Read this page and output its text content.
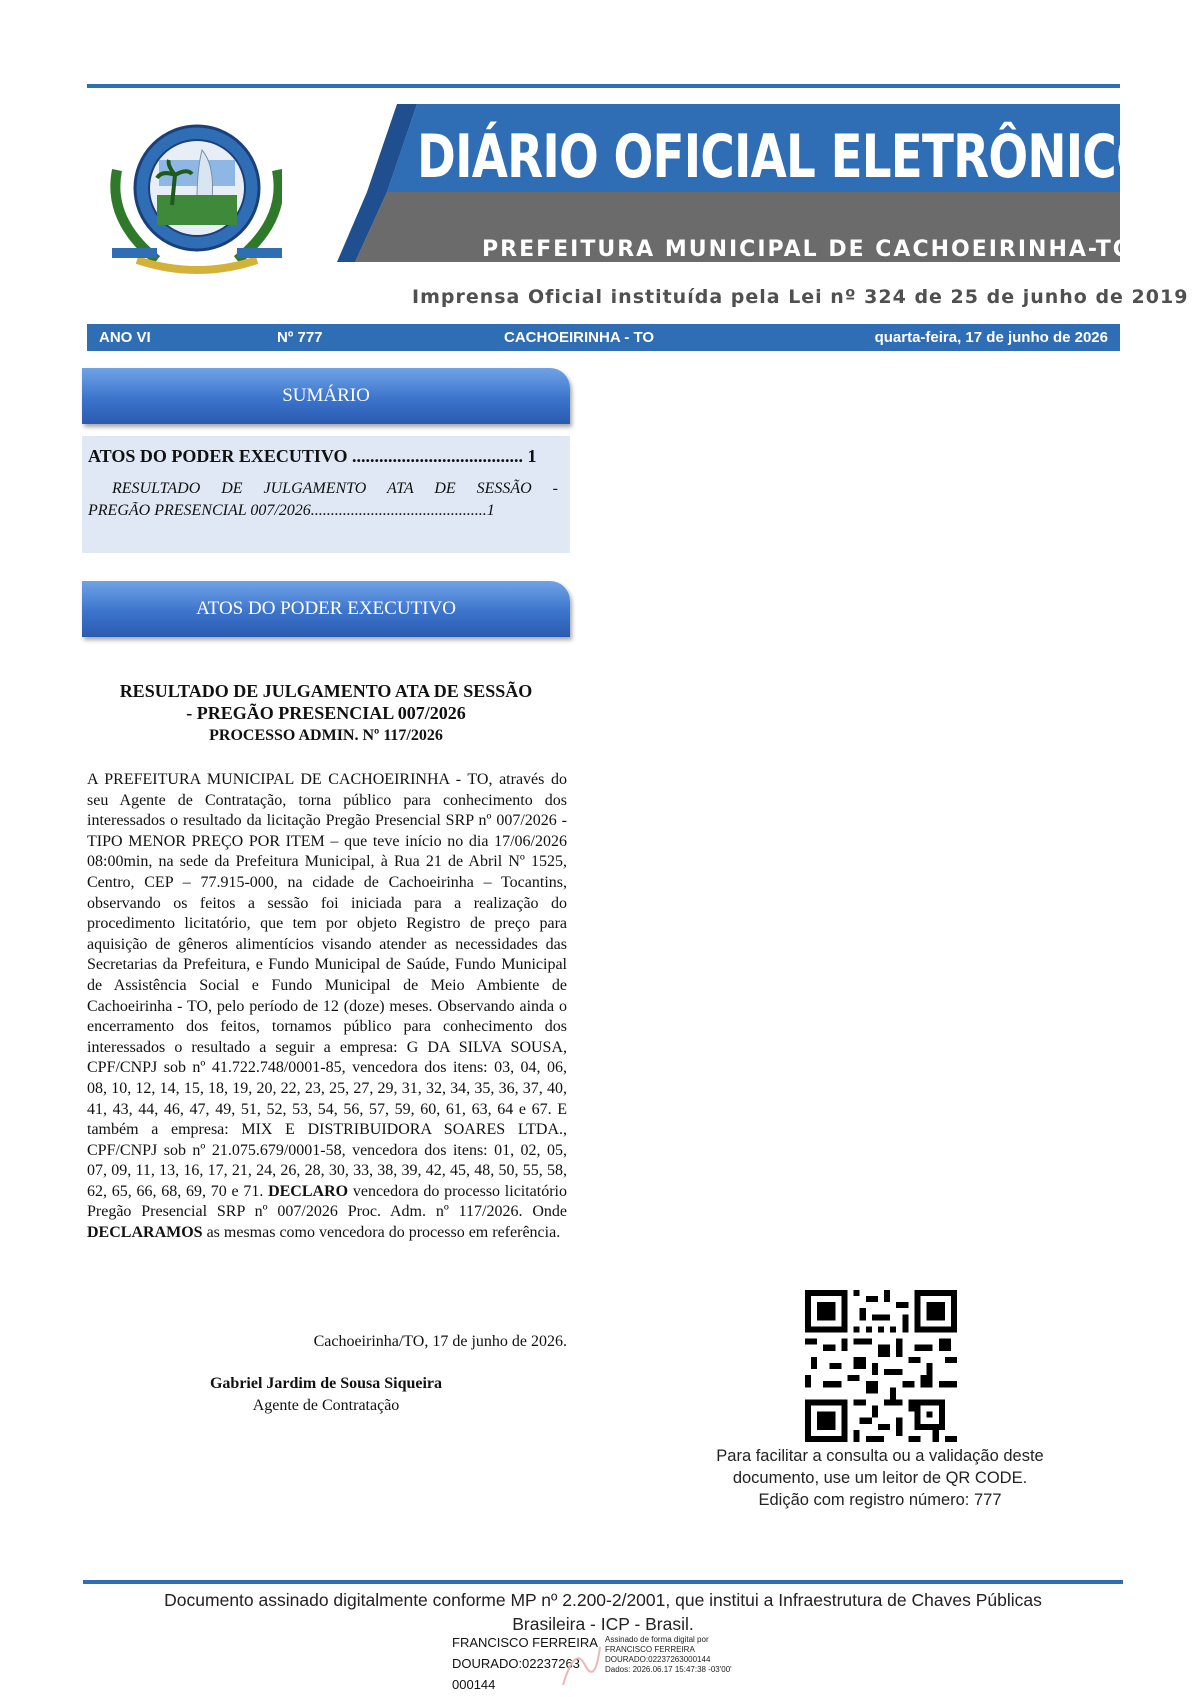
DIÁRIO OFICIAL ELETRÔNICO
PREFEITURA MUNICIPAL DE CACHOEIRINHA-TO
Imprensa Oficial instituída pela Lei nº 324 de 25 de junho de 2019
ANO VI	Nº 777	CACHOEIRINHA - TO	quarta-feira, 17 de junho de 2026
SUMÁRIO
ATOS DO PODER EXECUTIVO ...................................... 1
RESULTADO DE JULGAMENTO ATA DE SESSÃO -
PREGÃO PRESENCIAL 007/2026............................................1
ATOS DO PODER EXECUTIVO
RESULTADO DE JULGAMENTO ATA DE SESSÃO
- PREGÃO PRESENCIAL 007/2026
PROCESSO ADMIN. Nº 117/2026
A PREFEITURA MUNICIPAL DE CACHOEIRINHA - TO, através do seu Agente de Contratação, torna público para conhecimento dos interessados o resultado da licitação Pregão Presencial SRP nº 007/2026 - TIPO MENOR PREÇO POR ITEM – que teve início no dia 17/06/2026 08:00min, na sede da Prefeitura Municipal, à Rua 21 de Abril Nº 1525, Centro, CEP – 77.915-000, na cidade de Cachoeirinha – Tocantins, observando os feitos a sessão foi iniciada para a realização do procedimento licitatório, que tem por objeto Registro de preço para aquisição de gêneros alimentícios visando atender as necessidades das Secretarias da Prefeitura, e Fundo Municipal de Saúde, Fundo Municipal de Assistência Social e Fundo Municipal de Meio Ambiente de Cachoeirinha - TO, pelo período de 12 (doze) meses. Observando ainda o encerramento dos feitos, tornamos público para conhecimento dos interessados o resultado a seguir a empresa: G DA SILVA SOUSA, CPF/CNPJ sob nº 41.722.748/0001-85, vencedora dos itens: 03, 04, 06, 08, 10, 12, 14, 15, 18, 19, 20, 22, 23, 25, 27, 29, 31, 32, 34, 35, 36, 37, 40, 41, 43, 44, 46, 47, 49, 51, 52, 53, 54, 56, 57, 59, 60, 61, 63, 64 e 67. E também a empresa: MIX E DISTRIBUIDORA SOARES LTDA., CPF/CNPJ sob nº 21.075.679/0001-58, vencedora dos itens: 01, 02, 05, 07, 09, 11, 13, 16, 17, 21, 24, 26, 28, 30, 33, 38, 39, 42, 45, 48, 50, 55, 58, 62, 65, 66, 68, 69, 70 e 71. DECLARO vencedora do processo licitatório Pregão Presencial SRP nº 007/2026 Proc. Adm. nº 117/2026. Onde DECLARAMOS as mesmas como vencedora do processo em referência.
Cachoeirinha/TO, 17 de junho de 2026.
Gabriel Jardim de Sousa Siqueira
Agente de Contratação
Para facilitar a consulta ou a validação deste
documento, use um leitor de QR CODE.
Edição com registro número: 777
Documento assinado digitalmente conforme MP nº 2.200-2/2001, que institui a Infraestrutura de Chaves Públicas
Brasileira - ICP - Brasil.
FRANCISCO FERREIRA
DOURADO:02237263
000144
Assinado de forma digital por
FRANCISCO FERREIRA
DOURADO:02237263000144
Dados: 2026.06.17 15:47:38 -03'00'
